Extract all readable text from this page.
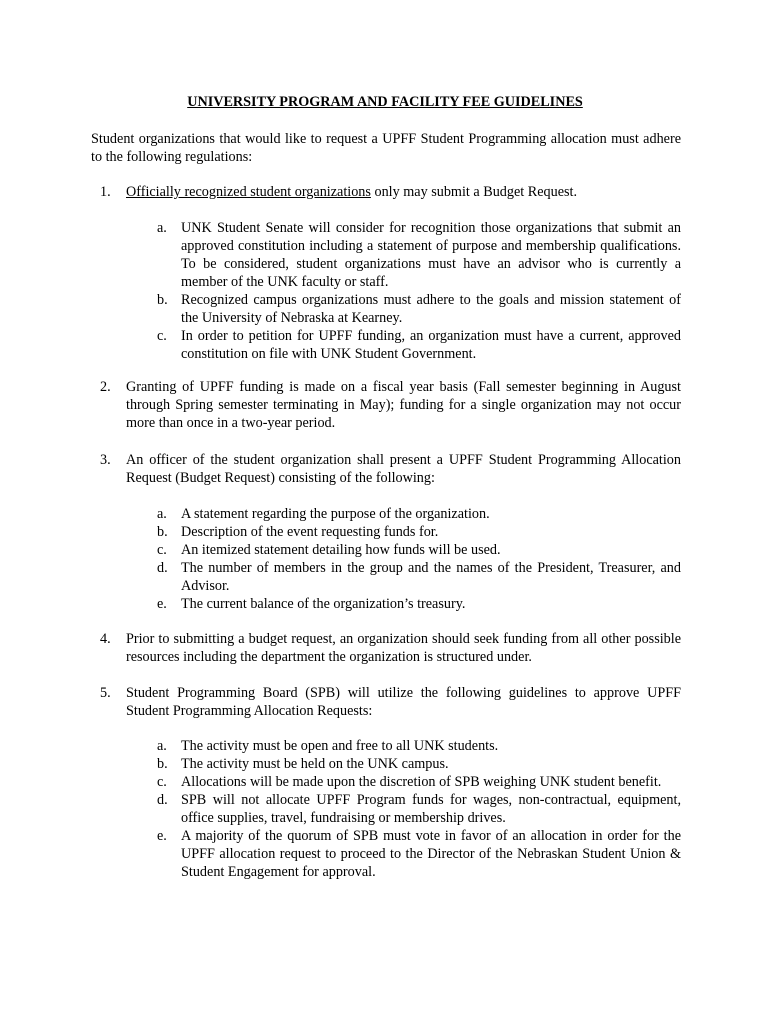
UNIVERSITY PROGRAM AND FACILITY FEE GUIDELINES
Student organizations that would like to request a UPFF Student Programming allocation must adhere to the following regulations:
1. Officially recognized student organizations only may submit a Budget Request.
a. UNK Student Senate will consider for recognition those organizations that submit an approved constitution including a statement of purpose and membership qualifications. To be considered, student organizations must have an advisor who is currently a member of the UNK faculty or staff.
b. Recognized campus organizations must adhere to the goals and mission statement of the University of Nebraska at Kearney.
c. In order to petition for UPFF funding, an organization must have a current, approved constitution on file with UNK Student Government.
2. Granting of UPFF funding is made on a fiscal year basis (Fall semester beginning in August through Spring semester terminating in May); funding for a single organization may not occur more than once in a two-year period.
3. An officer of the student organization shall present a UPFF Student Programming Allocation Request (Budget Request) consisting of the following:
a. A statement regarding the purpose of the organization.
b. Description of the event requesting funds for.
c. An itemized statement detailing how funds will be used.
d. The number of members in the group and the names of the President, Treasurer, and Advisor.
e. The current balance of the organization’s treasury.
4. Prior to submitting a budget request, an organization should seek funding from all other possible resources including the department the organization is structured under.
5. Student Programming Board (SPB) will utilize the following guidelines to approve UPFF Student Programming Allocation Requests:
a. The activity must be open and free to all UNK students.
b. The activity must be held on the UNK campus.
c. Allocations will be made upon the discretion of SPB weighing UNK student benefit.
d. SPB will not allocate UPFF Program funds for wages, non-contractual, equipment, office supplies, travel, fundraising or membership drives.
e. A majority of the quorum of SPB must vote in favor of an allocation in order for the UPFF allocation request to proceed to the Director of the Nebraskan Student Union & Student Engagement for approval.
